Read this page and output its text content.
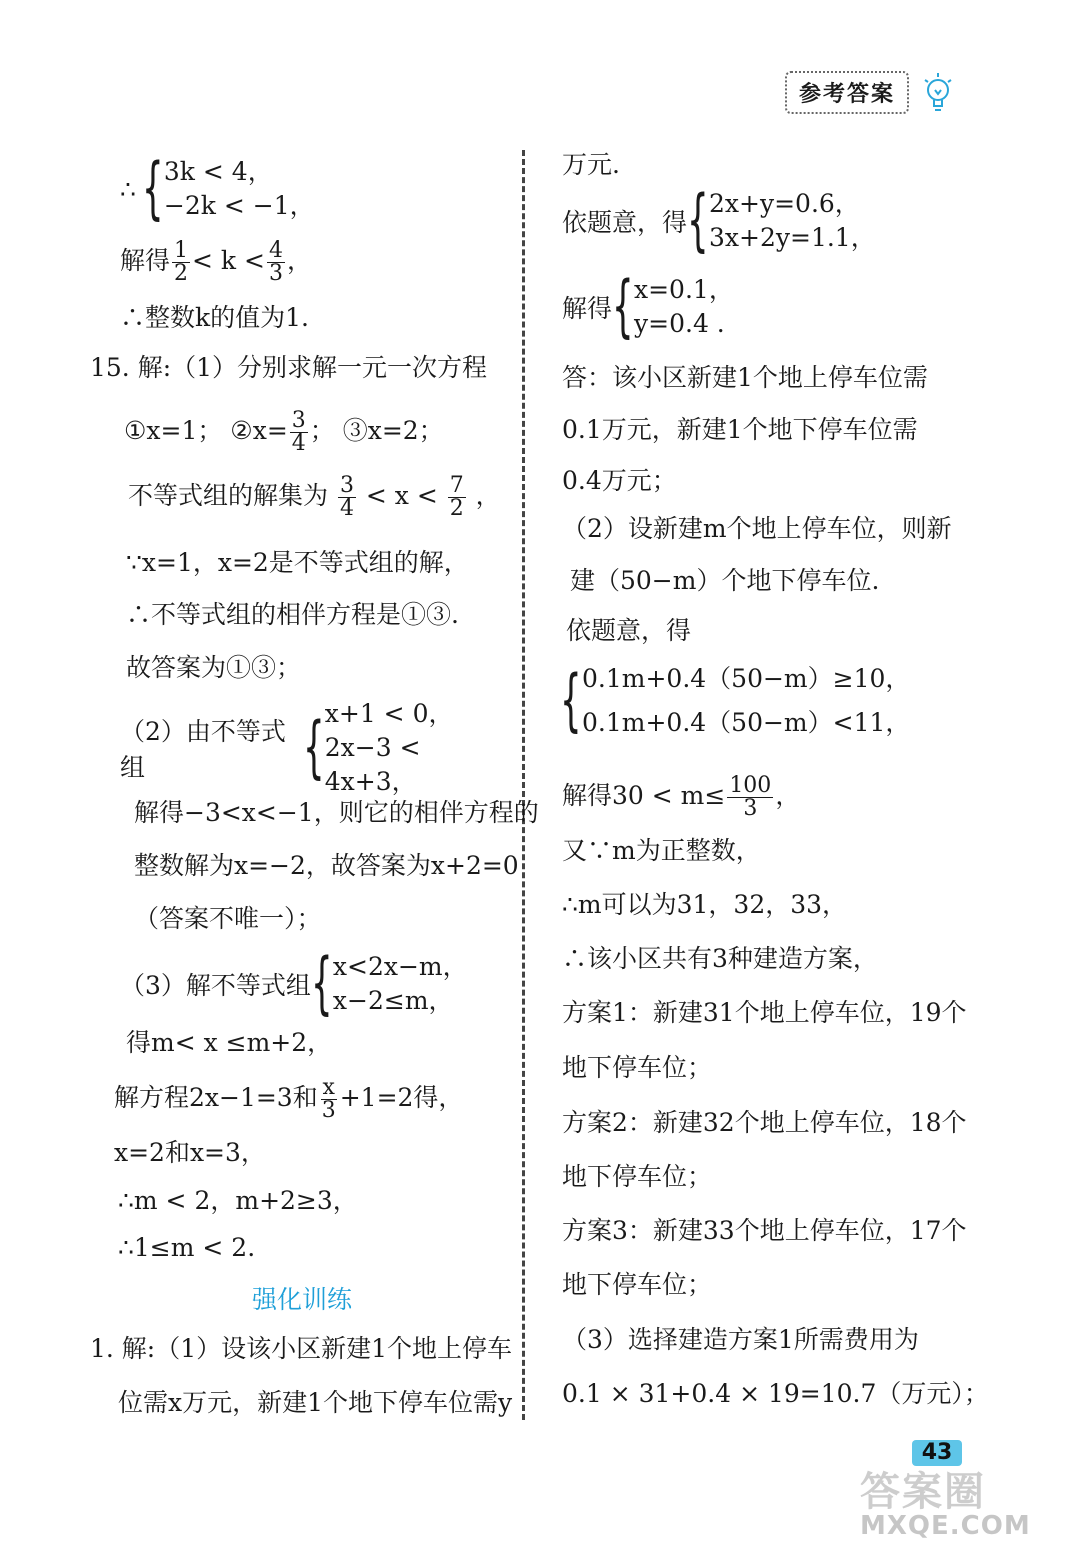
参考答案
∴ { 3k < 4，
−2k < −1，
解得 $\frac{1}{2} < k < \frac{4}{3}$ ，
∴整数k的值为1.
15. 解:（1）分别求解一元一次方程
①x=1； ②x= $\frac{3}{4}$ ； ③x=2；
不等式组的解集为 $\frac{3}{4} < x < \frac{7}{2}$ ，
∵x=1，x=2是不等式组的解，
∴不等式组的相伴方程是①③.
故答案为①③；
（2）由不等式组	{ x+1 < 0，
2x−3 < 4x+3，
解得−3<x<−1，则它的相伴方程的
整数解为x=−2，故答案为x+2=0
（答案不唯一）；
（3）解不等式组 { x<2x−m，
x−2≤m，
得m< x ≤m+2，
解方程2x−1=3和 $\frac{x}{3} +1=2$得，
x=2和x=3，
∴m < 2，m+2≥3，
∴1≤m < 2.
1. 解:（1）设该小区新建1个地上停车
位需x万元，新建1个地下停车位需y
强化训练
万元.
依题意，得 { 2x+y=0.6，
3x+2y=1.1，
解得 { x=0.1，
y=0.4 .
答：该小区新建1个地上停车位需
0.1万元，新建1个地下停车位需
0.4万元；
（2）设新建m个地上停车位，则新
建（50−m）个地下停车位.
依题意，得
{ 0.1m+0.4（50−m）≥10，
0.1m+0.4（50−m）<11，
解得$30 < m\le \frac{100}{3}$ ，
又∵m为正整数，
∴m可以为31，32，33，
∴该小区共有3种建造方案，
方案1：新建31个地上停车位，19个
地下停车位；
方案2：新建32个地上停车位，18个
地下停车位；
方案3：新建33个地上停车位，17个
地下停车位；
（3）选择建造方案1所需费用为
0.1 × 31+0.4 × 19=10.7（万元）；
43
答案圈
MXQE.COM
